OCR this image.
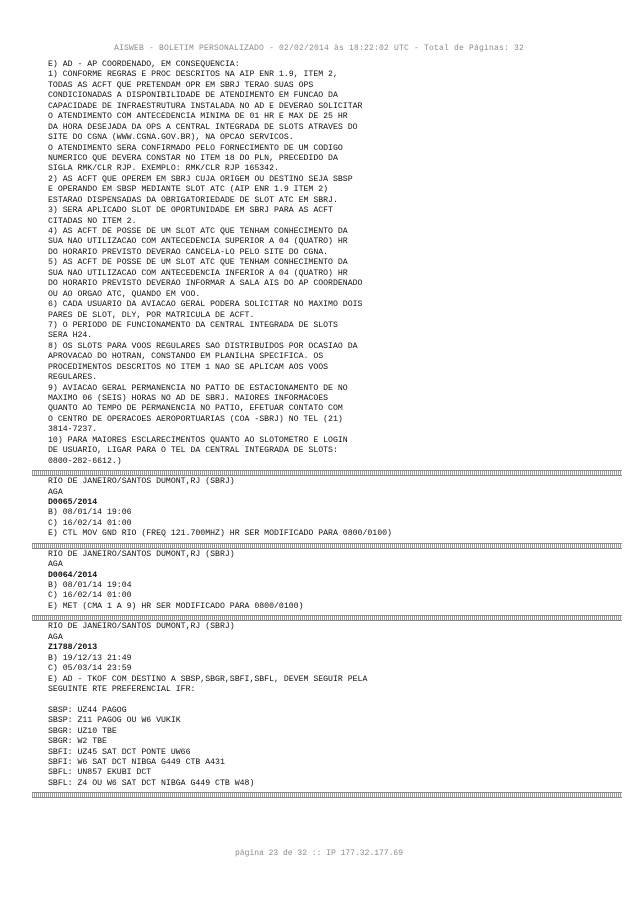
AISWEB - BOLETIM PERSONALIZADO - 02/02/2014 às 18:22:02 UTC - Total de Páginas: 32
E) AD - AP COORDENADO, EM CONSEQUENCIA:
1) CONFORME REGRAS E PROC DESCRITOS NA AIP ENR 1.9, ITEM 2,
TODAS AS ACFT QUE PRETENDAM OPR EM SBRJ TERAO SUAS OPS
CONDICIONADAS A DISPONIBILIDADE DE ATENDIMENTO EM FUNCAO DA
CAPACIDADE DE INFRAESTRUTURA INSTALADA NO AD E DEVERAO SOLICITAR
O ATENDIMENTO COM ANTECEDENCIA MINIMA DE 01 HR E MAX DE 25 HR
DA HORA DESEJADA DA OPS A CENTRAL INTEGRADA DE SLOTS ATRAVES DO
SITE DO CGNA (WWW.CGNA.GOV.BR), NA OPCAO SERVICOS.
O ATENDIMENTO SERA CONFIRMADO PELO FORNECIMENTO DE UM CODIGO
NUMERICO QUE DEVERA CONSTAR NO ITEM 18 DO PLN, PRECEDIDO DA
SIGLA RMK/CLR RJP. EXEMPLO: RMK/CLR RJP 165342.
2) AS ACFT QUE OPEREM EM SBRJ CUJA ORIGEM OU DESTINO SEJA SBSP
E OPERANDO EM SBSP MEDIANTE SLOT ATC (AIP ENR 1.9 ITEM 2)
ESTARAO DISPENSADAS DA OBRIGATORIEDADE DE SLOT ATC EM SBRJ.
3) SERA APLICADO SLOT DE OPORTUNIDADE EM SBRJ PARA AS ACFT
CITADAS NO ITEM 2.
4) AS ACFT DE POSSE DE UM SLOT ATC QUE TENHAM CONHECIMENTO DA
SUA NAO UTILIZACAO COM ANTECEDENCIA SUPERIOR A 04 (QUATRO) HR
DO HORARIO PREVISTO DEVERAO CANCELA-LO PELO SITE DO CGNA.
5) AS ACFT DE POSSE DE UM SLOT ATC QUE TENHAM CONHECIMENTO DA
SUA NAO UTILIZACAO COM ANTECEDENCIA INFERIOR A 04 (QUATRO) HR
DO HORARIO PREVISTO DEVERAO INFORMAR A SALA AIS DO AP COORDENADO
OU AO ORGAO ATC, QUANDO EM VOO.
6) CADA USUARIO DA AVIACAO GERAL PODERA SOLICITAR NO MAXIMO DOIS
PARES DE SLOT, DLY, POR MATRICULA DE ACFT.
7) O PERIODO DE FUNCIONAMENTO DA CENTRAL INTEGRADA DE SLOTS
SERA H24.
8) OS SLOTS PARA VOOS REGULARES SAO DISTRIBUIDOS POR OCASIAO DA
APROVACAO DO HOTRAN, CONSTANDO EM PLANILHA SPECIFICA. OS
PROCEDIMENTOS DESCRITOS NO ITEM 1 NAO SE APLICAM AOS VOOS
REGULARES.
9) AVIACAO GERAL PERMANENCIA NO PATIO DE ESTACIONAMENTO DE NO
MAXIMO 06 (SEIS) HORAS NO AD DE SBRJ. MAIORES INFORMACOES
QUANTO AO TEMPO DE PERMANENCIA NO PATIO, EFETUAR CONTATO COM
O CENTRO DE OPERACOES AEROPORTUARIAS (COA -SBRJ) NO TEL (21)
3814-7237.
10) PARA MAIORES ESCLARECIMENTOS QUANTO AO SLOTOMETRO E LOGIN
DE USUARIO, LIGAR PARA O TEL DA CENTRAL INTEGRADA DE SLOTS:
0800-282-6612.)
RIO DE JANEIRO/SANTOS DUMONT,RJ (SBRJ)
AGA
D0065/2014
B) 08/01/14 19:06
C) 16/02/14 01:00
E) CTL MOV GND RIO (FREQ 121.700MHZ) HR SER MODIFICADO PARA 0800/0100)
RIO DE JANEIRO/SANTOS DUMONT,RJ (SBRJ)
AGA
D0064/2014
B) 08/01/14 19:04
C) 16/02/14 01:00
E) MET (CMA 1 A 9) HR SER MODIFICADO PARA 0800/0100)
RIO DE JANEIRO/SANTOS DUMONT,RJ (SBRJ)
AGA
Z1788/2013
B) 19/12/13 21:49
C) 05/03/14 23:59
E) AD - TKOF COM DESTINO A SBSP,SBGR,SBFI,SBFL, DEVEM SEGUIR PELA
SEGUINTE RTE PREFERENCIAL IFR:
SBSP: UZ44 PAGOG
SBSP: Z11 PAGOG OU W6 VUKIK
SBGR: UZ10 TBE
SBGR: W2 TBE
SBFI: UZ45 SAT DCT PONTE UW66
SBFI: W6 SAT DCT NIBGA G449 CTB A431
SBFL: UN857 EKUBI DCT
SBFL: Z4 OU W6 SAT DCT NIBGA G449 CTB W48)
página 23 de 32 :: IP 177.32.177.69
